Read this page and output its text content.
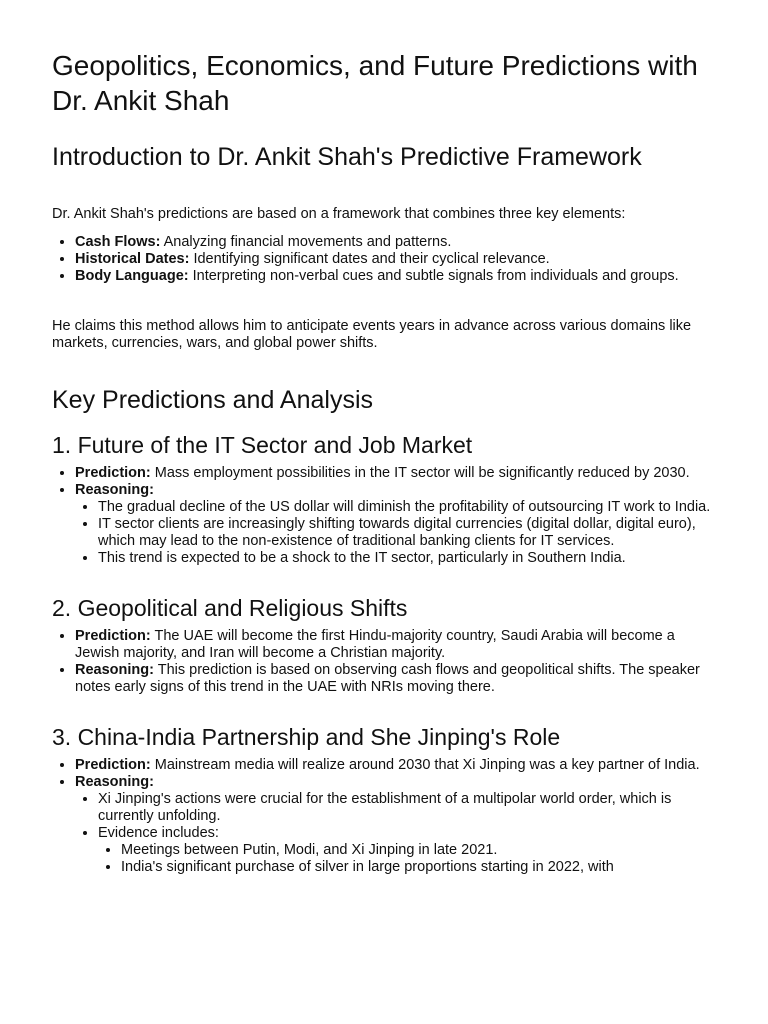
Geopolitics, Economics, and Future Predictions with Dr. Ankit Shah
Introduction to Dr. Ankit Shah's Predictive Framework

Dr. Ankit Shah's predictions are based on a framework that combines three key elements:

• Cash Flows: Analyzing financial movements and patterns.
• Historical Dates: Identifying significant dates and their cyclical relevance.
• Body Language: Interpreting non-verbal cues and subtle signals from individuals and groups.

He claims this method allows him to anticipate events years in advance across various domains like markets, currencies, wars, and global power shifts.

Key Predictions and Analysis
1. Future of the IT Sector and Job Market
• Prediction: Mass employment possibilities in the IT sector will be significantly reduced by 2030.
• Reasoning:
• The gradual decline of the US dollar will diminish the profitability of outsourcing IT work to India.
• IT sector clients are increasingly shifting towards digital currencies (digital dollar, digital euro), which may lead to the non-existence of traditional banking clients for IT services.
• This trend is expected to be a shock to the IT sector, particularly in Southern India.
2. Geopolitical and Religious Shifts
• Prediction: The UAE will become the first Hindu-majority country, Saudi Arabia will become a Jewish majority, and Iran will become a Christian majority.
• Reasoning: This prediction is based on observing cash flows and geopolitical shifts. The speaker notes early signs of this trend in the UAE with NRIs moving there.
3. China-India Partnership and She Jinping's Role
• Prediction: Mainstream media will realize around 2030 that Xi Jinping was a key partner of India.
• Reasoning:
• Xi Jinping's actions were crucial for the establishment of a multipolar world order, which is currently unfolding.
• Evidence includes:
• Meetings between Putin, Modi, and Xi Jinping in late 2021.
• India's significant purchase of silver in large proportions starting in 2022, with
